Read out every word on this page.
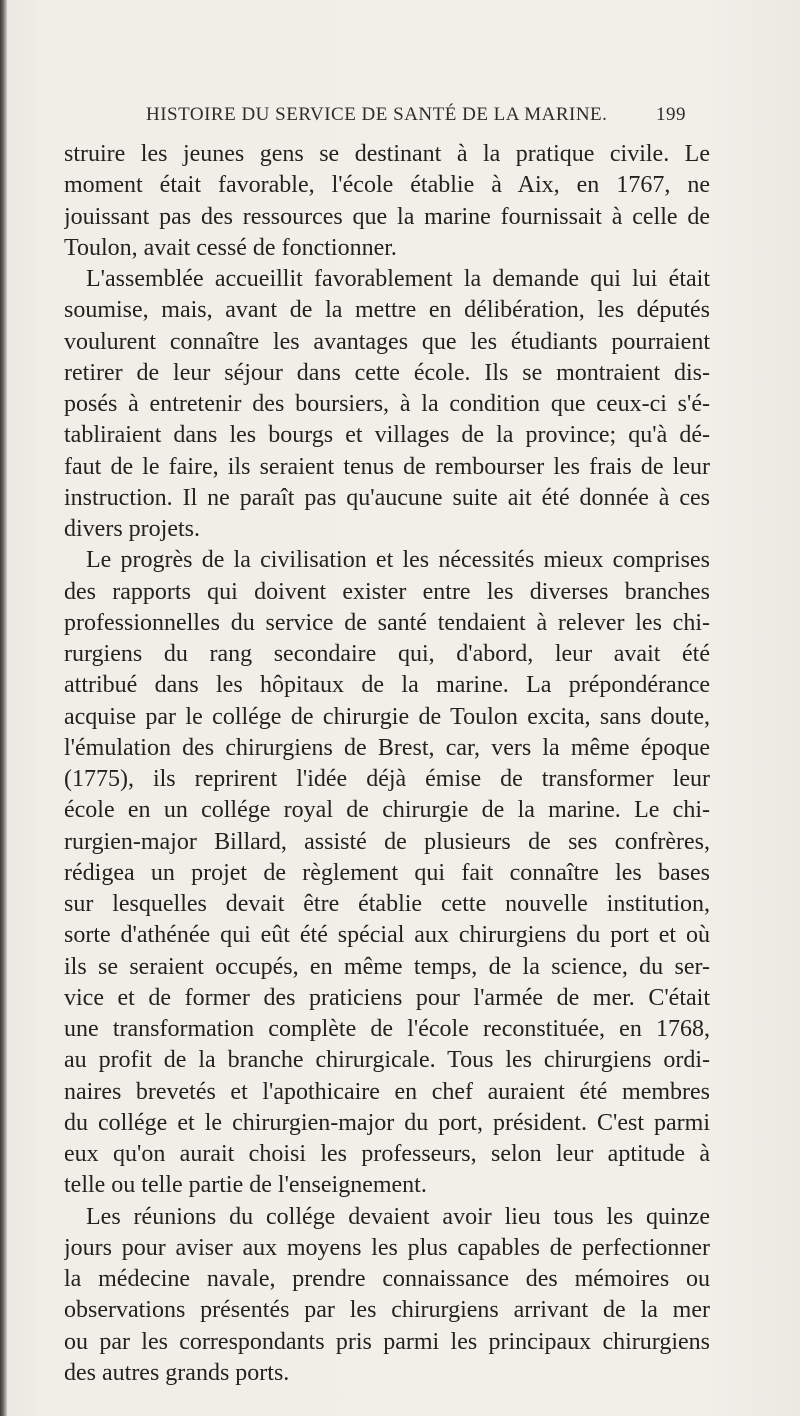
HISTOIRE DU SERVICE DE SANTÉ DE LA MARINE.	199
struire les jeunes gens se destinant à la pratique civile. Le
moment était favorable, l'école établie à Aix, en 1767, ne
jouissant pas des ressources que la marine fournissait à celle de
Toulon, avait cessé de fonctionner.
L'assemblée accueillit favorablement la demande qui lui était
soumise, mais, avant de la mettre en délibération, les députés
voulurent connaître les avantages que les étudiants pourraient
retirer de leur séjour dans cette école. Ils se montraient dis-
posés à entretenir des boursiers, à la condition que ceux-ci s'é-
tabliraient dans les bourgs et villages de la province; qu'à dé-
faut de le faire, ils seraient tenus de rembourser les frais de leur
instruction. Il ne paraît pas qu'aucune suite ait été donnée à ces
divers projets.
Le progrès de la civilisation et les nécessités mieux comprises
des rapports qui doivent exister entre les diverses branches
professionnelles du service de santé tendaient à relever les chi-
rurgiens du rang secondaire qui, d'abord, leur avait été
attribué dans les hôpitaux de la marine. La prépondérance
acquise par le collége de chirurgie de Toulon excita, sans doute,
l'émulation des chirurgiens de Brest, car, vers la même époque
(1775), ils reprirent l'idée déjà émise de transformer leur
école en un collége royal de chirurgie de la marine. Le chi-
rurgien-major Billard, assisté de plusieurs de ses confrères,
rédigea un projet de règlement qui fait connaître les bases
sur lesquelles devait être établie cette nouvelle institution,
sorte d'athénée qui eût été spécial aux chirurgiens du port et où
ils se seraient occupés, en même temps, de la science, du ser-
vice et de former des praticiens pour l'armée de mer. C'était
une transformation complète de l'école reconstituée, en 1768,
au profit de la branche chirurgicale. Tous les chirurgiens ordi-
naires brevetés et l'apothicaire en chef auraient été membres
du collége et le chirurgien-major du port, président. C'est parmi
eux qu'on aurait choisi les professeurs, selon leur aptitude à
telle ou telle partie de l'enseignement.
Les réunions du collége devaient avoir lieu tous les quinze
jours pour aviser aux moyens les plus capables de perfectionner
la médecine navale, prendre connaissance des mémoires ou
observations présentés par les chirurgiens arrivant de la mer
ou par les correspondants pris parmi les principaux chirurgiens
des autres grands ports.
